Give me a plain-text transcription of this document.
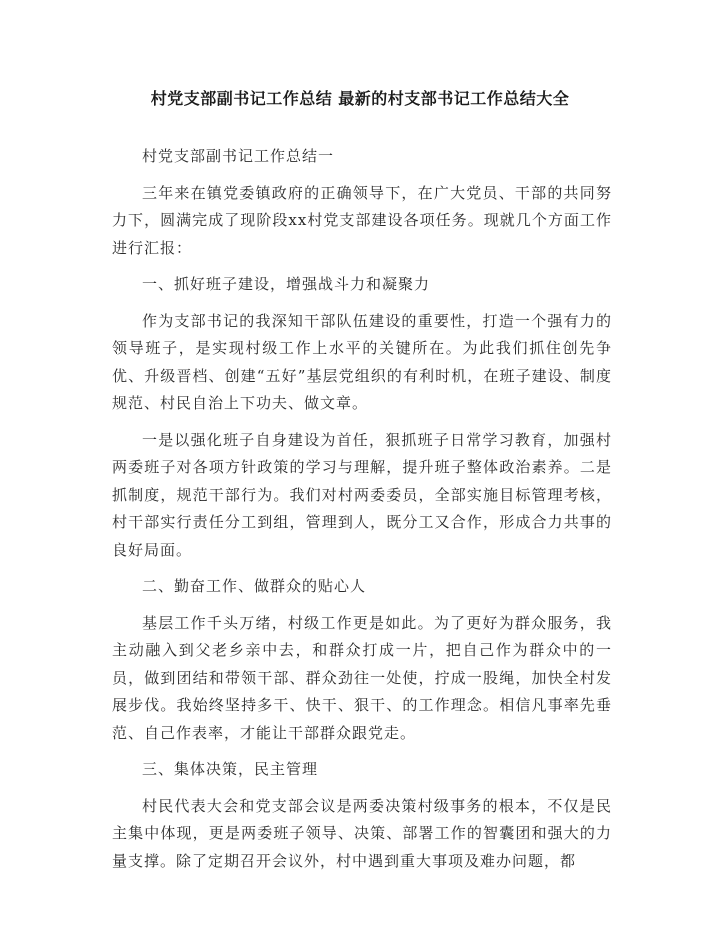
村党支部副书记工作总结 最新的村支部书记工作总结大全

村党支部副书记工作总结一

三年来在镇党委镇政府的正确领导下，在广大党员、干部的共同努力下，圆满完成了现阶段xx村党支部建设各项任务。现就几个方面工作进行汇报：

一、抓好班子建设，增强战斗力和凝聚力

作为支部书记的我深知干部队伍建设的重要性，打造一个强有力的领导班子，是实现村级工作上水平的关键所在。为此我们抓住创先争优、升级晋档、创建“五好”基层党组织的有利时机，在班子建设、制度规范、村民自治上下功夫、做文章。

一是以强化班子自身建设为首任，狠抓班子日常学习教育，加强村两委班子对各项方针政策的学习与理解，提升班子整体政治素养。二是抓制度，规范干部行为。我们对村两委委员，全部实施目标管理考核，村干部实行责任分工到组，管理到人，既分工又合作，形成合力共事的良好局面。

二、勤奋工作、做群众的贴心人

基层工作千头万绪，村级工作更是如此。为了更好为群众服务，我主动融入到父老乡亲中去，和群众打成一片，把自己作为群众中的一员，做到团结和带领干部、群众劲往一处使，拧成一股绳，加快全村发展步伐。我始终坚持多干、快干、狠干、的工作理念。相信凡事率先垂范、自己作表率，才能让干部群众跟党走。

三、集体决策，民主管理

村民代表大会和党支部会议是两委决策村级事务的根本，不仅是民主集中体现，更是两委班子领导、决策、部署工作的智囊团和强大的力量支撑。除了定期召开会议外，村中遇到重大事项及难办问题，都
